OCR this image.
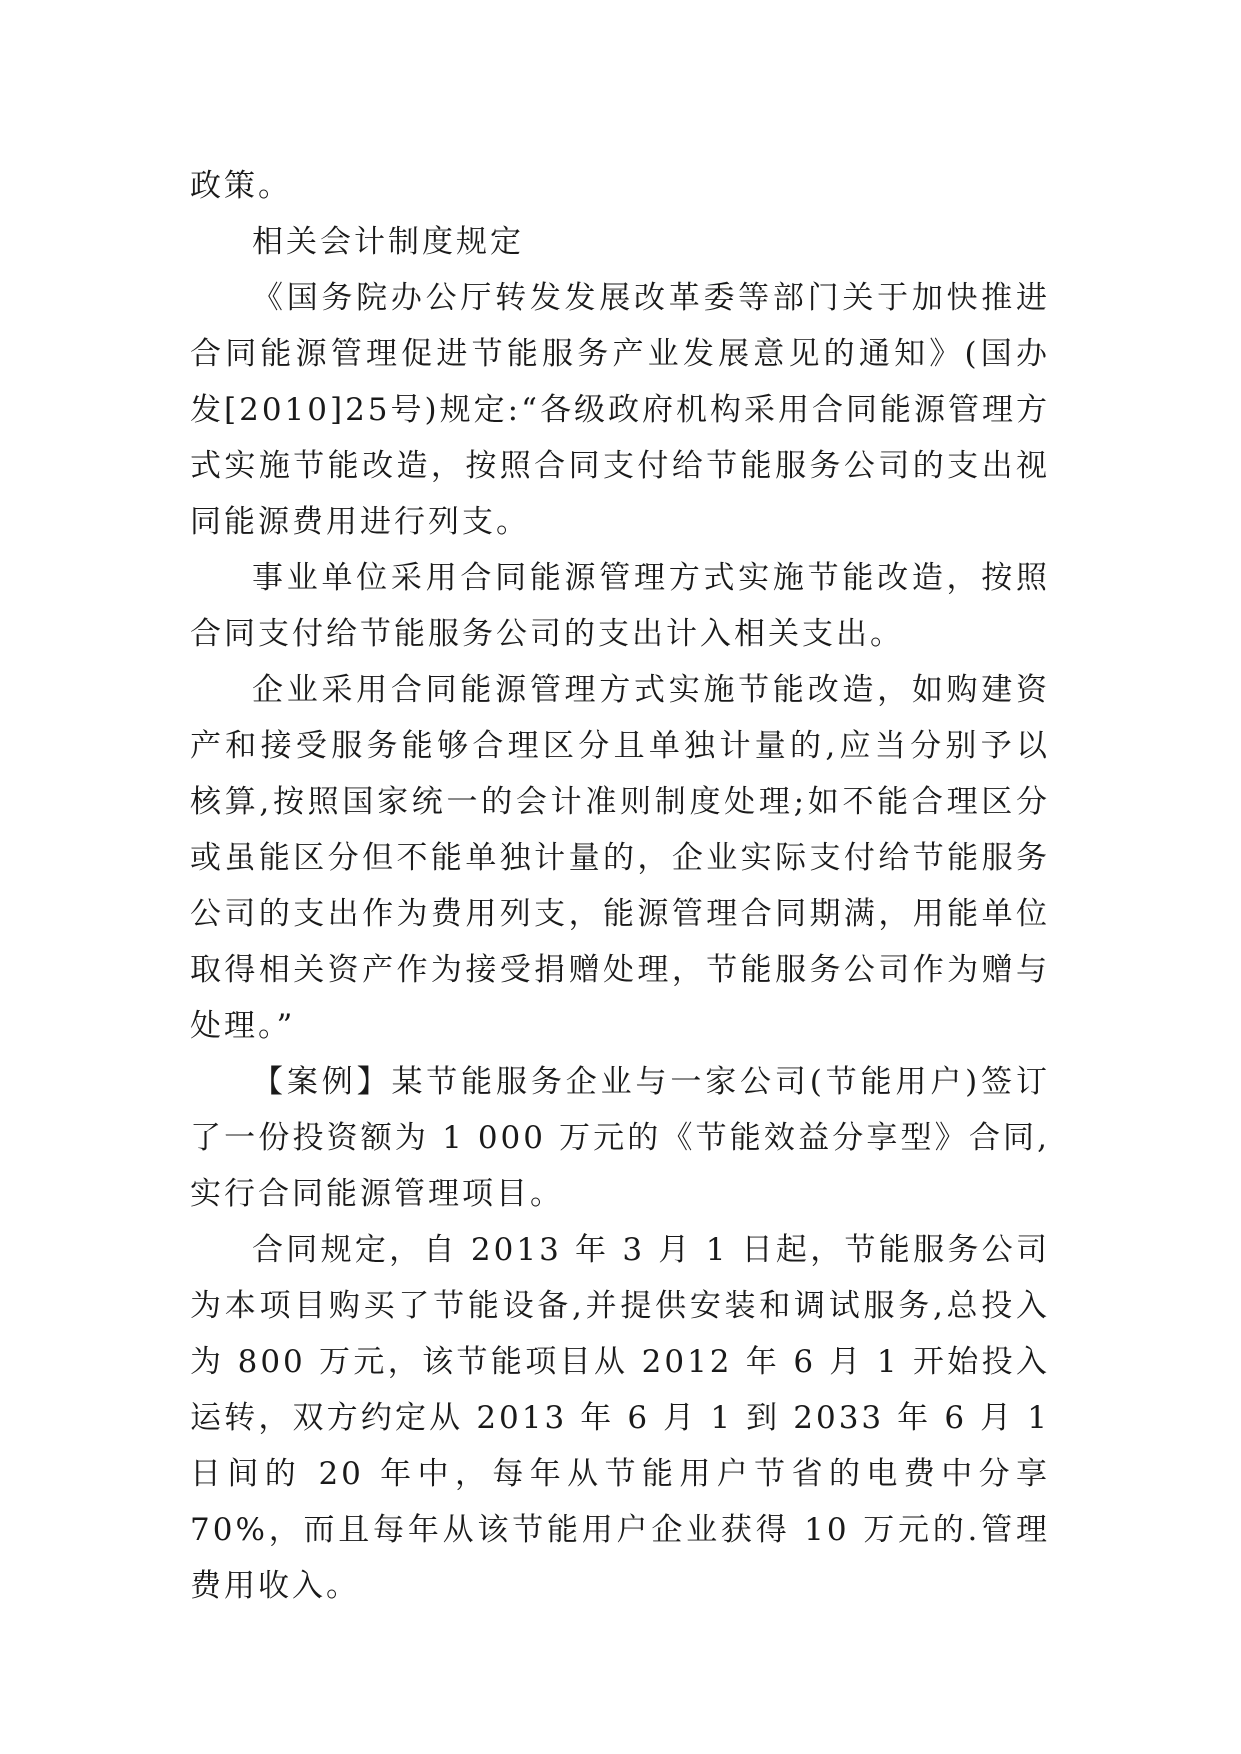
政策。

相关会计制度规定

《国务院办公厅转发发展改革委等部门关于加快推进合同能源管理促进节能服务产业发展意见的通知》(国办发[2010]25号)规定:“各级政府机构采用合同能源管理方式实施节能改造，按照合同支付给节能服务公司的支出视同能源费用进行列支。

事业单位采用合同能源管理方式实施节能改造，按照合同支付给节能服务公司的支出计入相关支出。

企业采用合同能源管理方式实施节能改造，如购建资产和接受服务能够合理区分且单独计量的,应当分别予以核算,按照国家统一的会计准则制度处理;如不能合理区分或虽能区分但不能单独计量的，企业实际支付给节能服务公司的支出作为费用列支，能源管理合同期满，用能单位取得相关资产作为接受捐赠处理，节能服务公司作为赠与处理。”

【案例】某节能服务企业与一家公司(节能用户)签订了一份投资额为 1 000 万元的《节能效益分享型》合同,实行合同能源管理项目。

合同规定，自 2013 年 3 月 1 日起，节能服务公司为本项目购买了节能设备,并提供安装和调试服务,总投入为 800 万元，该节能项目从 2012 年 6 月 1 开始投入运转，双方约定从 2013 年 6 月 1 到 2033 年 6 月 1 日间的 20 年中，每年从节能用户节省的电费中分享 70%，而且每年从该节能用户企业获得 10 万元的.管理费用收入。
